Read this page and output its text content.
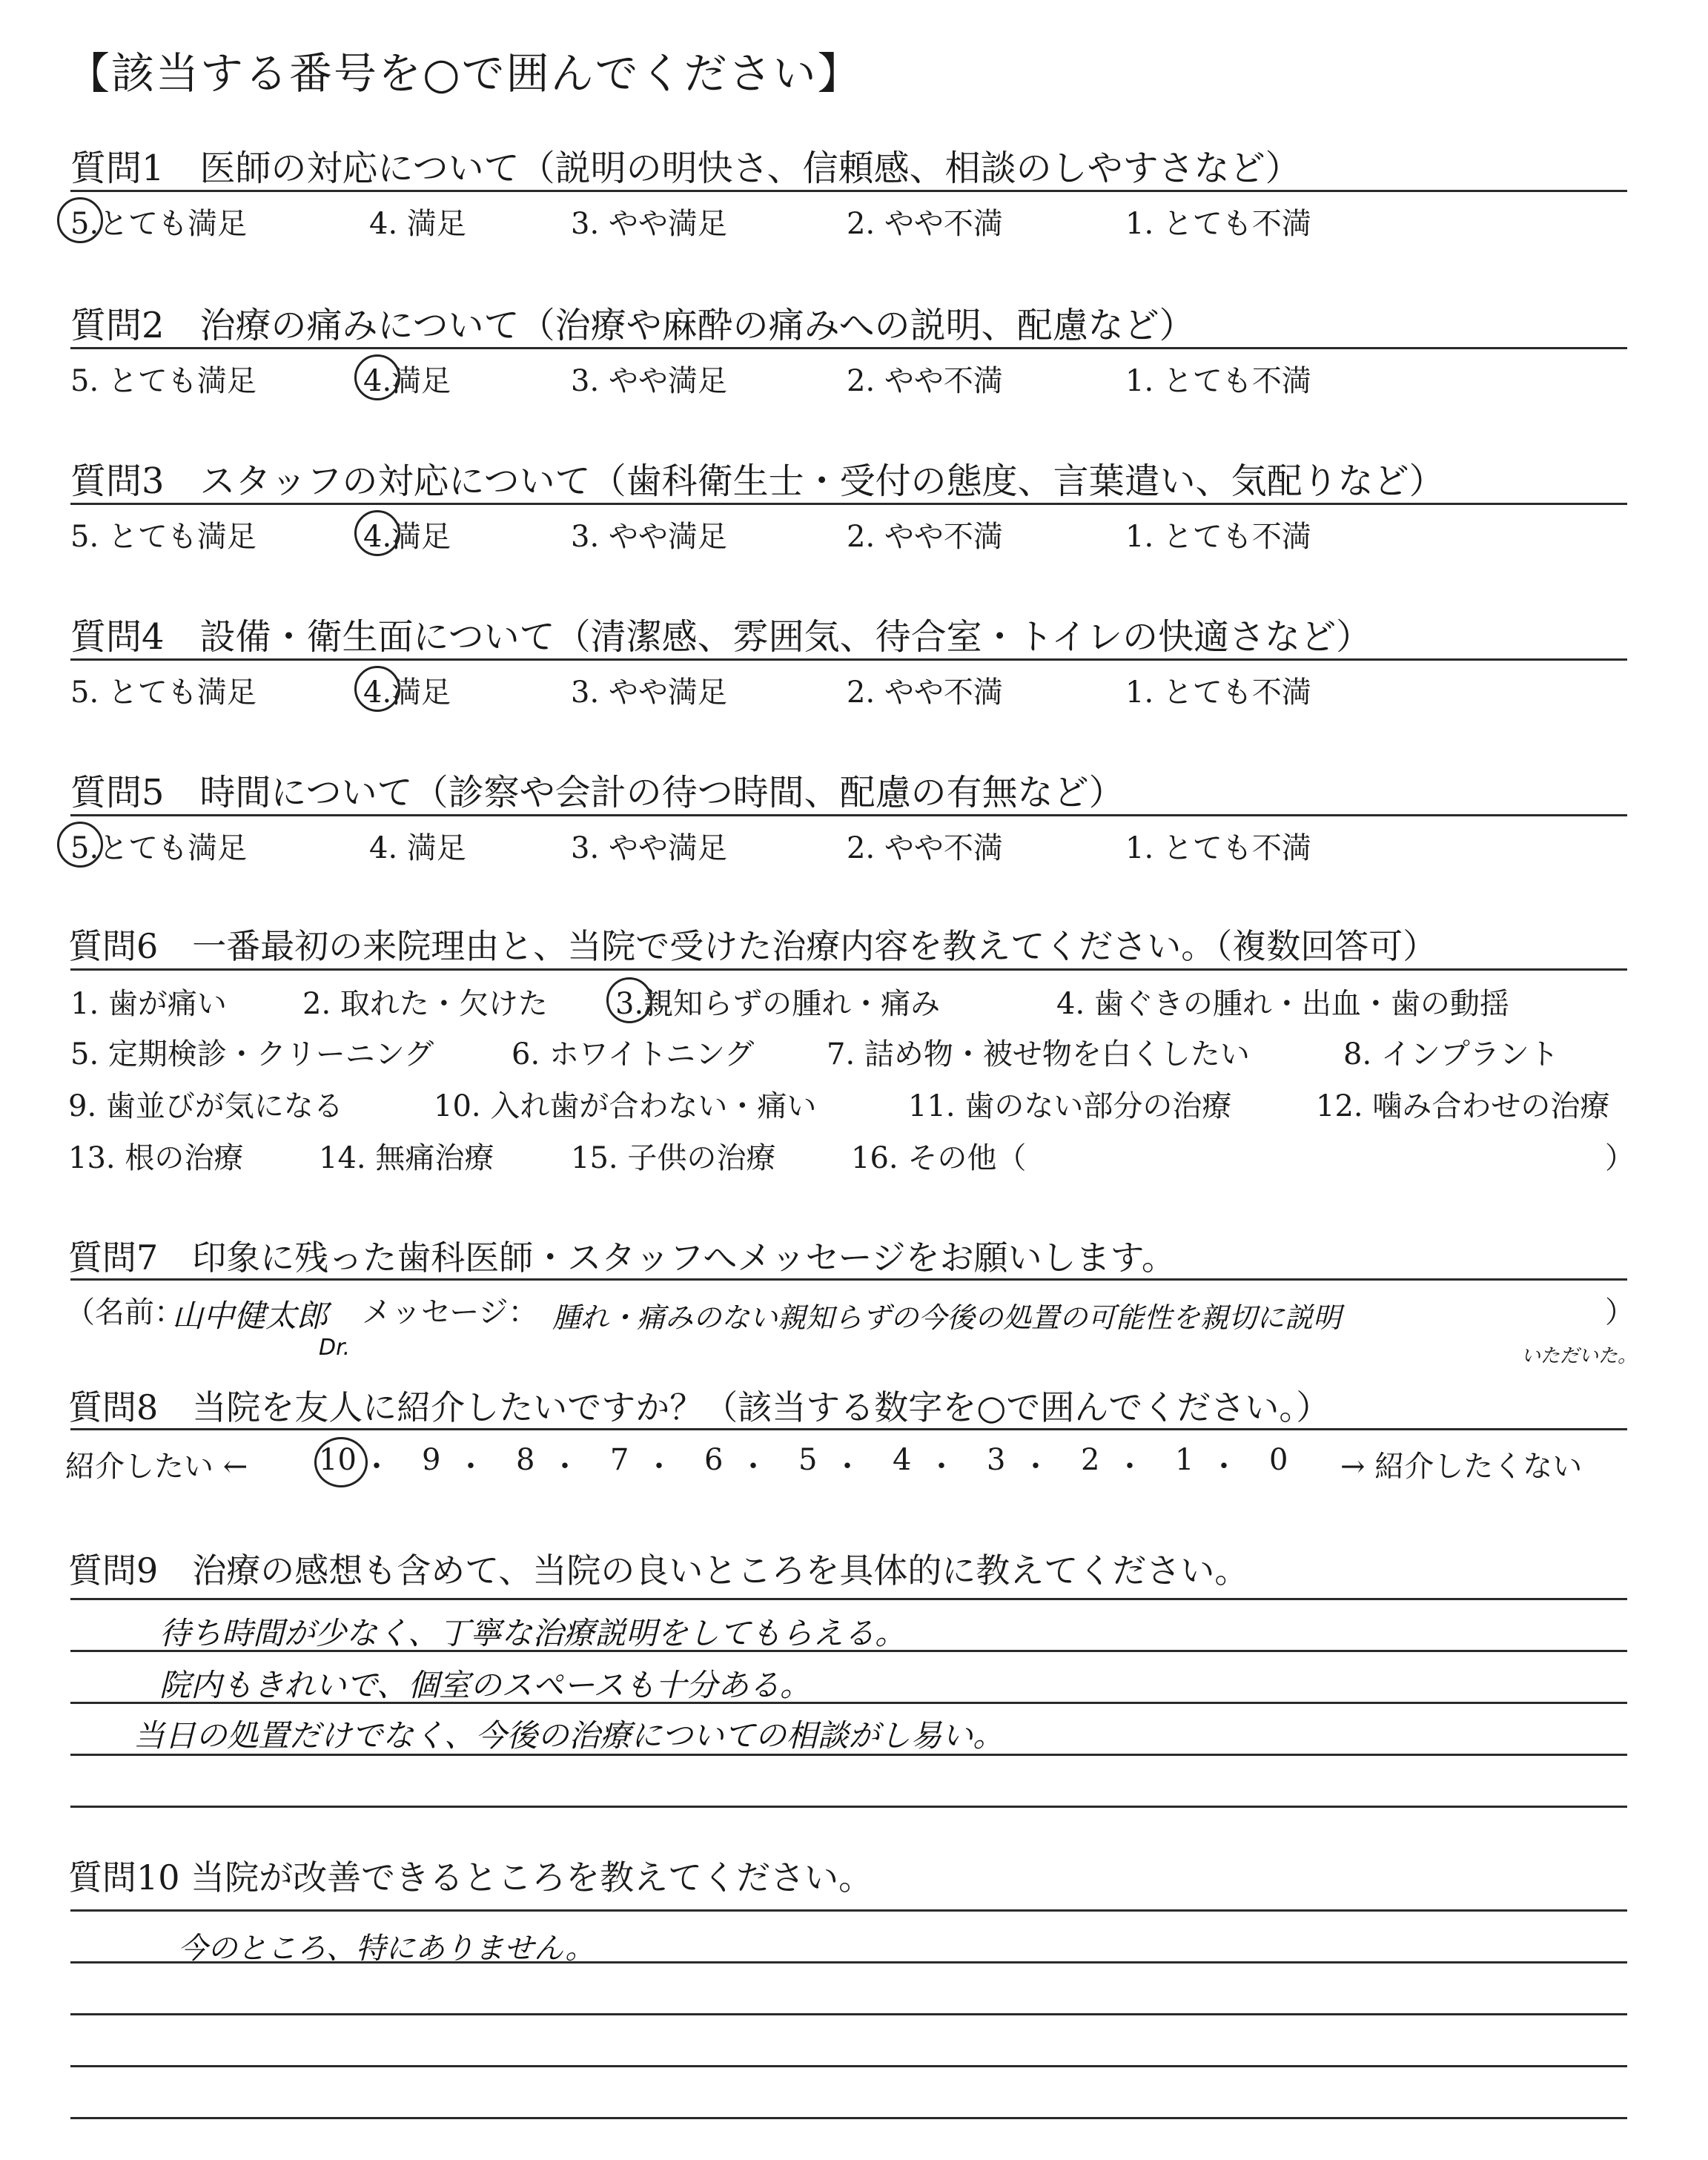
【該当する番号を○で囲んでください】
質問1　医師の対応について（説明の明快さ、信頼感、相談のしやすさなど）
5.とても満足	4. 満足	3. やや満足	2. やや不満	1. とても不満
質問2　治療の痛みについて（治療や麻酔の痛みへの説明、配慮など）
5. とても満足	4.満足	3. やや満足	2. やや不満	1. とても不満
質問3　スタッフの対応について（歯科衛生士・受付の態度、言葉遣い、気配りなど）
5. とても満足	4.満足	3. やや満足	2. やや不満	1. とても不満
質問4　設備・衛生面について（清潔感、雰囲気、待合室・トイレの快適さなど）
5. とても満足	4.満足	3. やや満足	2. やや不満	1. とても不満
質問5　時間について（診察や会計の待つ時間、配慮の有無など）
5.とても満足	4. 満足	3. やや満足	2. やや不満	1. とても不満
質問6　一番最初の来院理由と、当院で受けた治療内容を教えてください。（複数回答可）
1. 歯が痛い	2. 取れた・欠けた 3.親知らずの腫れ・痛み	4. 歯ぐきの腫れ・出血・歯の動揺
5. 定期検診・クリーニング	6. ホワイトニング 7. 詰め物・被せ物を白くしたい	8. インプラント
9. 歯並びが気になる	10. 入れ歯が合わない・痛い	11. 歯のない部分の治療	12. 噛み合わせの治療
13. 根の治療	14. 無痛治療	15. 子供の治療	16. その他（	）
質問7　印象に残った歯科医師・スタッフへメッセージをお願いします。
（名前：
山中健太郎
Dr.
メッセージ： 腫れ・痛みのない親知らずの今後の処置の可能性を親切に説明
いただいた。
）
質問8　当院を友人に紹介したいですか？（該当する数字を○で囲んでください。）
紹介したい ← 10 ・ 9 ・ 8 ・ 7 ・ 6 ・ 5 ・ 4 ・ 3 ・ 2 ・ 1 ・ 0 → 紹介したくない
質問9　治療の感想も含めて、当院の良いところを具体的に教えてください。
待ち時間が少なく、丁寧な治療説明をしてもらえる。
院内もきれいで、個室のスペースも十分ある。
当日の処置だけでなく、今後の治療についての相談がし易い。
質問10 当院が改善できるところを教えてください。
今のところ、特にありません。
